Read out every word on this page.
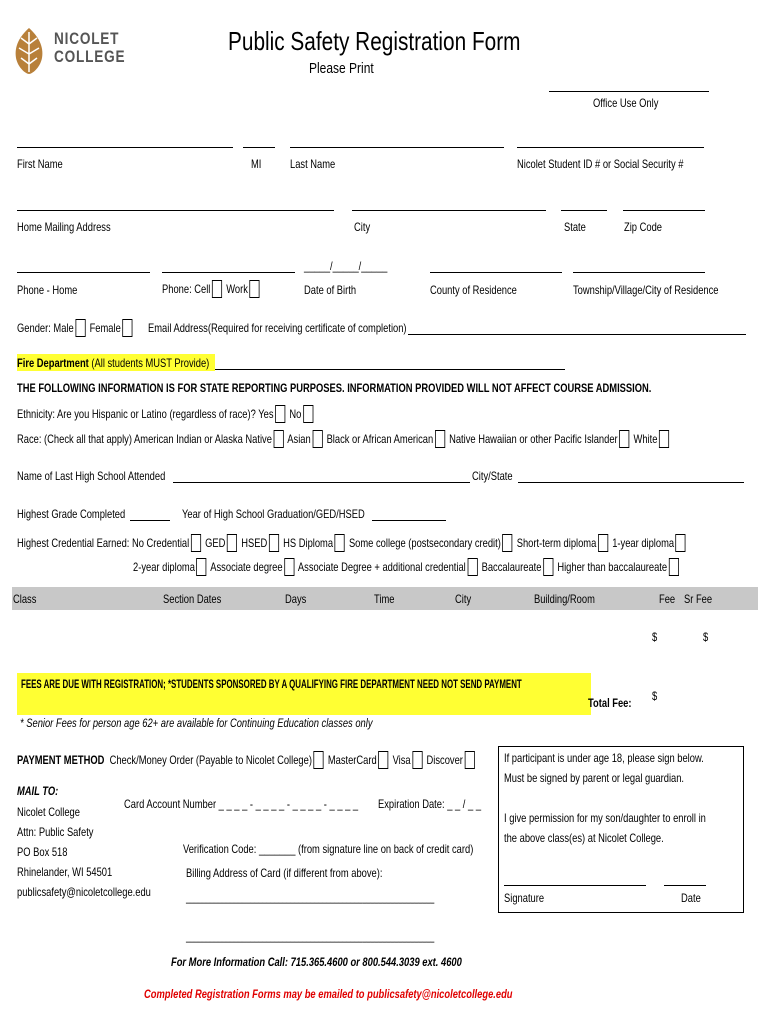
NICOLET
COLLEGE
Public Safety Registration Form
Please Print
Office Use Only
First Name	MI Last Name	Nicolet Student ID # or Social Security #
Home Mailing Address	City	State	Zip Code
_____/_____/_____
Phone - Home	Phone: Cell Work	Date of Birth	County of Residence	Township/Village/City of Residence
Gender: Male Female	Email Address(Required for receiving certificate of completion)
Fire Department (All students MUST Provide)
THE FOLLOWING INFORMATION IS FOR STATE REPORTING PURPOSES. INFORMATION PROVIDED WILL NOT AFFECT COURSE ADMISSION.
Ethnicity: Are you Hispanic or Latino (regardless of race)? Yes No
Race: (Check all that apply) American Indian or Alaska Native Asian Black or African American Native Hawaiian or other Pacific Islander White
Name of Last High School Attended	City/State
Highest Grade Completed	Year of High School Graduation/GED/HSED
Highest Credential Earned: No Credential GED HSED HS Diploma Some college (postsecondary credit) Short-term diploma 1-year diploma
2-year diploma Associate degree Associate Degree + additional credential Baccalaureate Higher than baccalaureate
Class	Section Dates	Days	Time	City	Building/Room	Fee Sr Fee
$	$
FEES ARE DUE WITH REGISTRATION; *STUDENTS SPONSORED BY A QUALIFYING FIRE DEPARTMENT NEED NOT SEND PAYMENT
Total Fee: $
* Senior Fees for person age 62+ are available for Continuing Education classes only
PAYMENT METHOD Check/Money Order (Payable to Nicolet College) MasterCard Visa Discover
MAIL TO:
Nicolet College
Attn: Public Safety
PO Box 518
Rhinelander, WI 54501
publicsafety@nicoletcollege.edu
Card Account Number _ _ _ _ - _ _ _ _ - _ _ _ _ - _ _ _ _ Expiration Date: _ _ / _ _
Verification Code: _______ (from signature line on back of credit card)
Billing Address of Card (if different from above):
______________________________________________________________
______________________________________________________________
If participant is under age 18, please sign below.
Must be signed by parent or legal guardian.
I give permission for my son/daughter to enroll in
the above class(es) at Nicolet College.
Signature	Date
For More Information Call: 715.365.4600 or 800.544.3039 ext. 4600
Completed Registration Forms may be emailed to publicsafety@nicoletcollege.edu
